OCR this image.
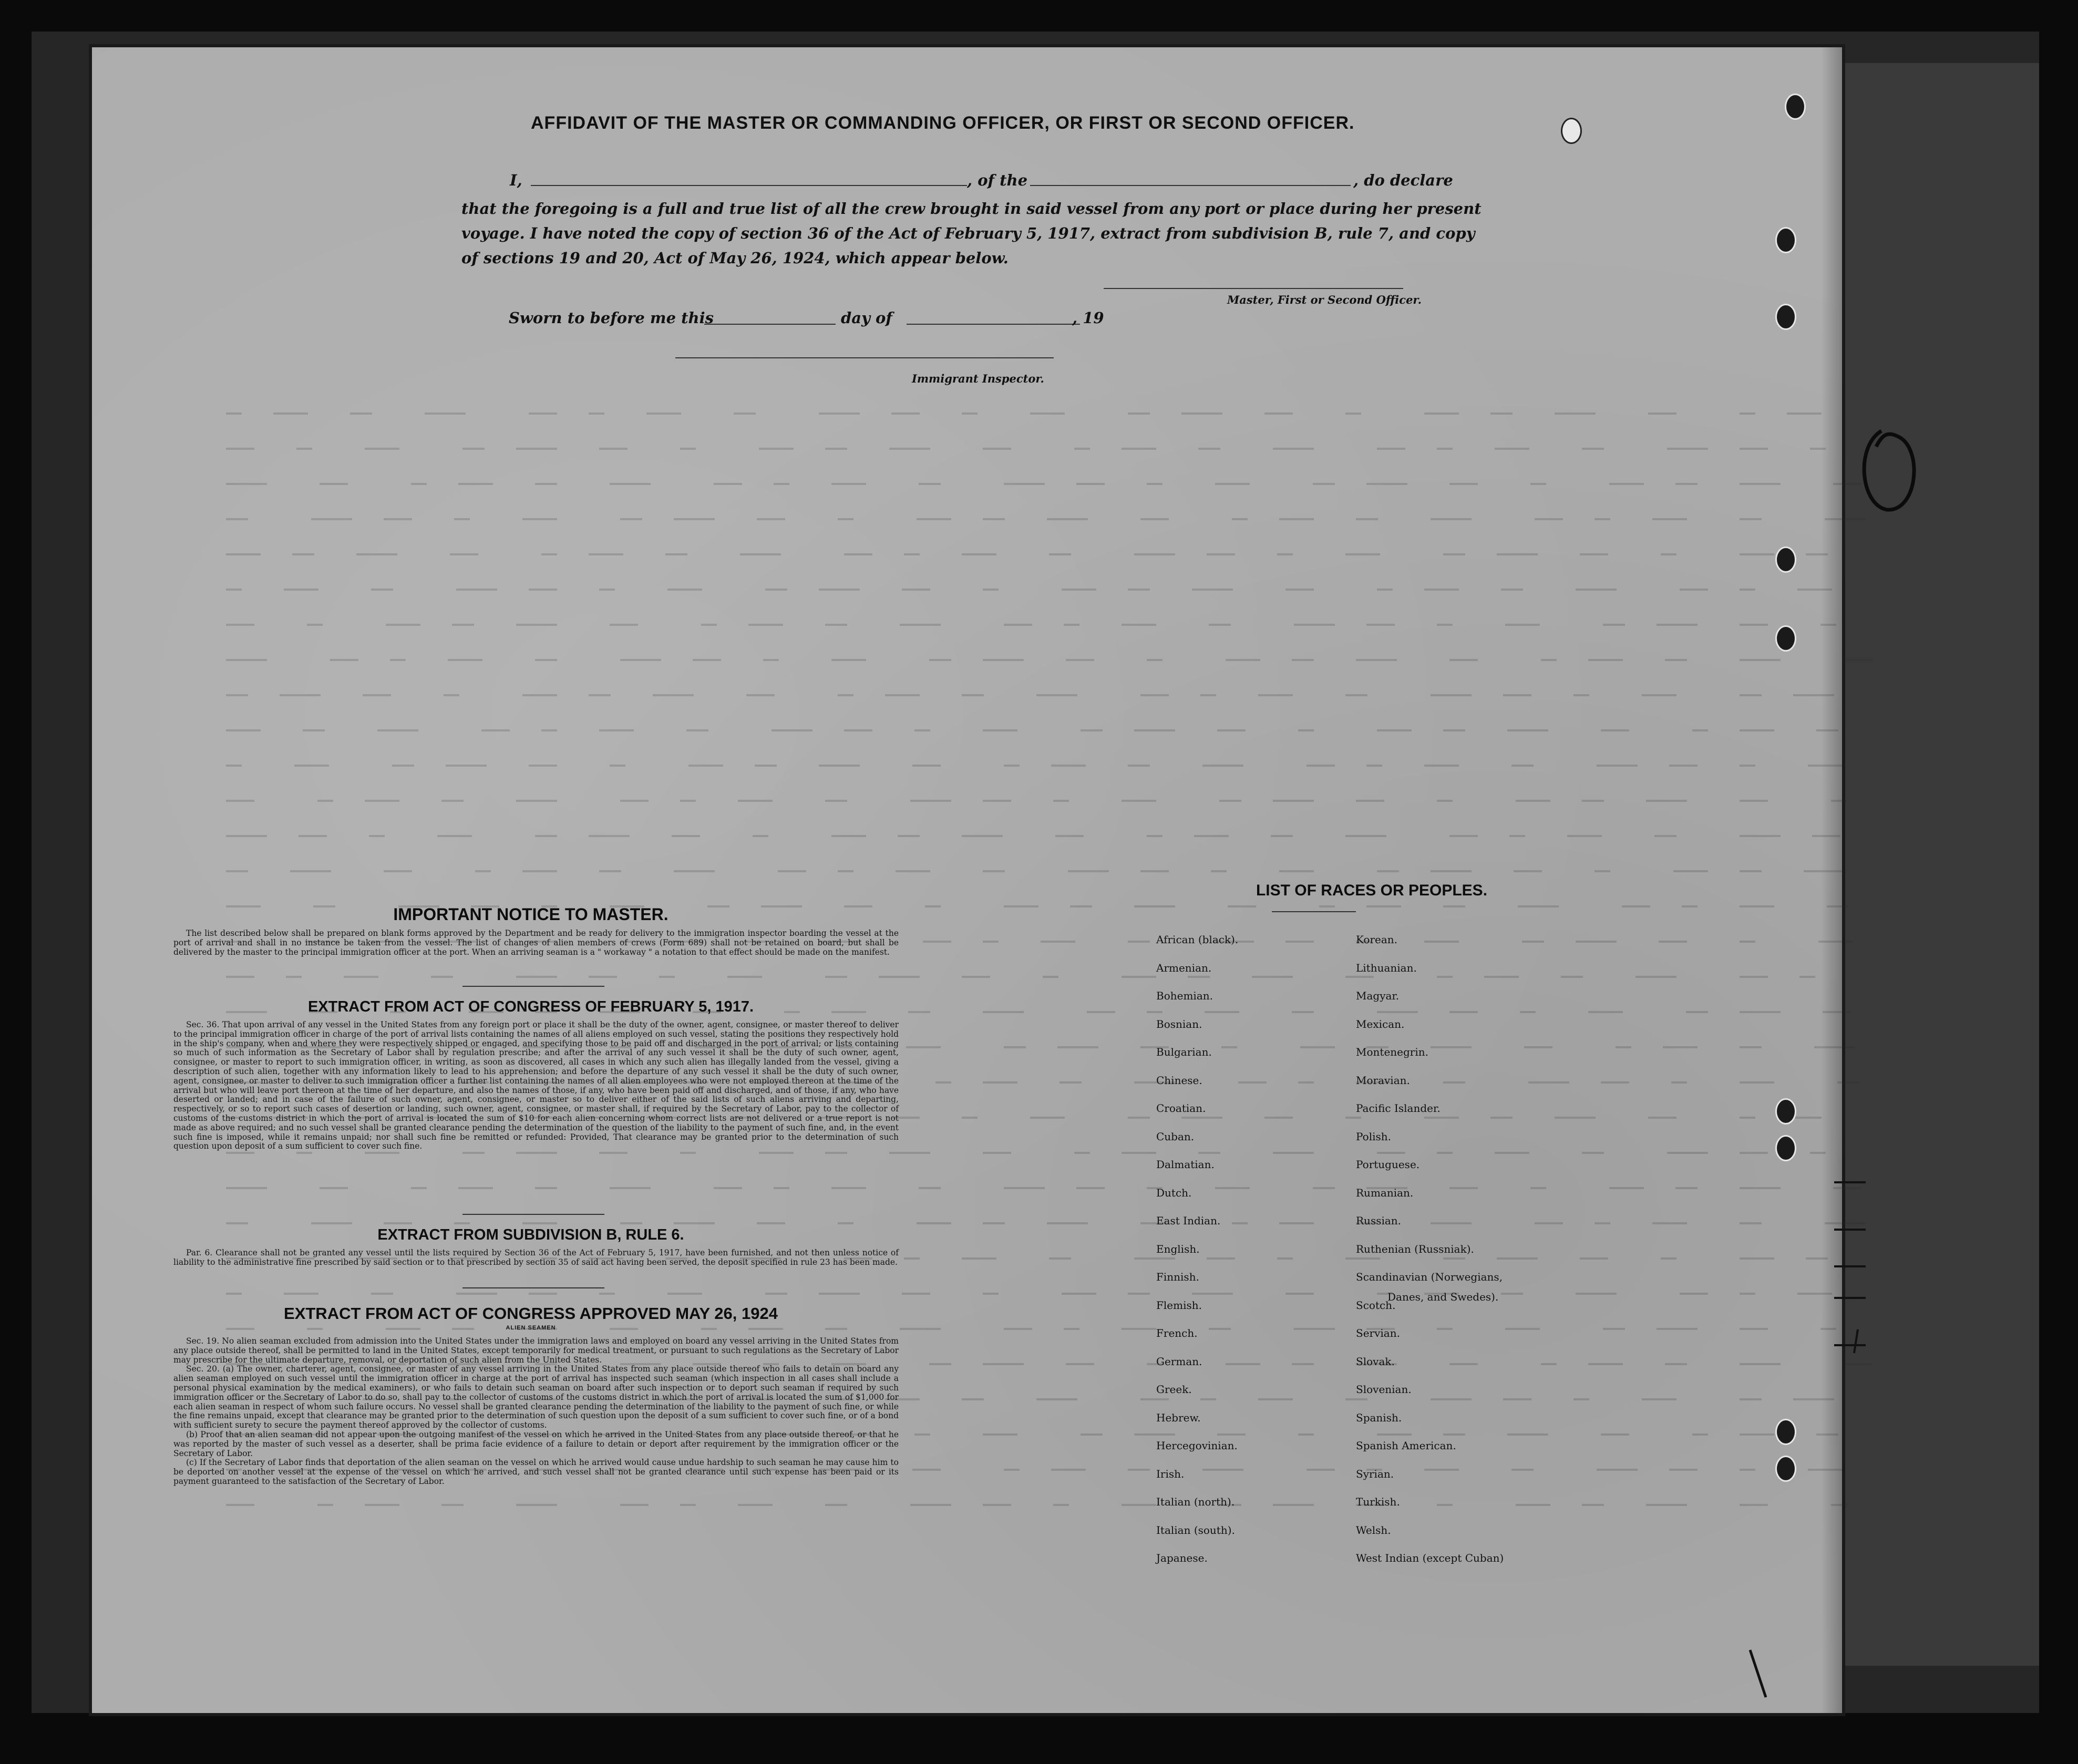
AFFIDAVIT OF THE MASTER OR COMMANDING OFFICER, OR FIRST OR SECOND OFFICER.
I,	, of the	, do declare
that the foregoing is a full and true list of all the crew brought in said vessel from any port or place during her present
voyage. I have noted the copy of section 36 of the Act of February 5, 1917, extract from subdivision B, rule 7, and copy
of sections 19 and 20, Act of May 26, 1924, which appear below.
Master, First or Second Officer.
Sworn to before me this	day of	, 19
Immigrant Inspector.
IMPORTANT NOTICE TO MASTER.

The list described below shall be prepared on blank forms approved by the Department and be ready for delivery to the immigration inspector boarding the vessel at the port of arrival and shall in no instance be taken from the vessel. The list of changes of alien members of crews (Form 689) shall not be retained on board, but shall be delivered by the master to the principal immigration officer at the port. When an arriving seaman is a " workaway " a notation to that effect should be made on the manifest.

EXTRACT FROM ACT OF CONGRESS OF FEBRUARY 5, 1917.

Sec. 36. That upon arrival of any vessel in the United States from any foreign port or place it shall be the duty of the owner, agent, consignee, or master thereof to deliver to the principal immigration officer in charge of the port of arrival lists containing the names of all aliens employed on such vessel, stating the positions they respectively hold in the ship's company, when and where they were respectively shipped or engaged, and specifying those to be paid off and discharged in the port of arrival; or lists containing so much of such information as the Secretary of Labor shall by regulation prescribe; and after the arrival of any such vessel it shall be the duty of such owner, agent, consignee, or master to report to such immigration officer, in writing, as soon as discovered, all cases in which any such alien has illegally landed from the vessel, giving a description of such alien, together with any information likely to lead to his apprehension; and before the departure of any such vessel it shall be the duty of such owner, agent, consignee, or master to deliver to such immigration officer a further list containing the names of all alien employees who were not employed thereon at the time of the arrival but who will leave port thereon at the time of her departure, and also the names of those, if any, who have been paid off and discharged, and of those, if any, who have deserted or landed; and in case of the failure of such owner, agent, consignee, or master so to deliver either of the said lists of such aliens arriving and departing, respectively, or so to report such cases of desertion or landing, such owner, agent, consignee, or master shall, if required by the Secretary of Labor, pay to the collector of customs of the customs district in which the port of arrival is located the sum of $10 for each alien concerning whom correct lists are not delivered or a true report is not made as above required; and no such vessel shall be granted clearance pending the determination of the question of the liability to the payment of such fine, and, in the event such fine is imposed, while it remains unpaid; nor shall such fine be remitted or refunded: Provided, That clearance may be granted prior to the determination of such question upon deposit of a sum sufficient to cover such fine.

EXTRACT FROM SUBDIVISION B, RULE 6.

Par. 6. Clearance shall not be granted any vessel until the lists required by Section 36 of the Act of February 5, 1917, have been furnished, and not then unless notice of liability to the administrative fine prescribed by said section or to that prescribed by section 35 of said act having been served, the deposit specified in rule 23 has been made.

EXTRACT FROM ACT OF CONGRESS APPROVED MAY 26, 1924
ALIEN SEAMEN

Sec. 19. No alien seaman excluded from admission into the United States under the immigration laws and employed on board any vessel arriving in the United States from any place outside thereof, shall be permitted to land in the United States, except temporarily for medical treatment, or pursuant to such regulations as the Secretary of Labor may prescribe for the ultimate departure, removal, or deportation of such alien from the United States.

Sec. 20. (a) The owner, charterer, agent, consignee, or master of any vessel arriving in the United States from any place outside thereof who fails to detain on board any alien seaman employed on such vessel until the immigration officer in charge at the port of arrival has inspected such seaman (which inspection in all cases shall include a personal physical examination by the medical examiners), or who fails to detain such seaman on board after such inspection or to deport such seaman if required by such immigration officer or the Secretary of Labor to do so, shall pay to the collector of customs of the customs district in which the port of arrival is located the sum of $1,000 for each alien seaman in respect of whom such failure occurs. No vessel shall be granted clearance pending the determination of the liability to the payment of such fine, or while the fine remains unpaid, except that clearance may be granted prior to the determination of such question upon the deposit of a sum sufficient to cover such fine, or of a bond with sufficient surety to secure the payment thereof approved by the collector of customs.

(b) Proof that an alien seaman did not appear upon the outgoing manifest of the vessel on which he arrived in the United States from any place outside thereof, or that he was reported by the master of such vessel as a deserter, shall be prima facie evidence of a failure to detain or deport after requirement by the immigration officer or the Secretary of Labor.

(c) If the Secretary of Labor finds that deportation of the alien seaman on the vessel on which he arrived would cause undue hardship to such seaman he may cause him to be deported on another vessel at the expense of the vessel on which he arrived, and such vessel shall not be granted clearance until such expense has been paid or its payment guaranteed to the satisfaction of the Secretary of Labor.

LIST OF RACES OR PEOPLES.
African (black).
Armenian.
Bohemian.
Bosnian.
Bulgarian.
Chinese.
Croatian.
Cuban.
Dalmatian.
Dutch.
East Indian.
English.
Finnish.
Flemish.
French.
German.
Greek.
Hebrew.
Hercegovinian.
Irish.
Italian (north).
Italian (south).
Japanese.
Korean.
Lithuanian.
Magyar.
Mexican.
Montenegrin.
Moravian.
Pacific Islander.
Polish.
Portuguese.
Rumanian.
Russian.
Ruthenian (Russniak).
Scandinavian (Norwegians,
Scotch.
Servian.
Slovak.
Slovenian.
Spanish.
Spanish American.
Syrian.
Turkish.
Welsh.
West Indian (except Cuban)
Danes, and Swedes).
